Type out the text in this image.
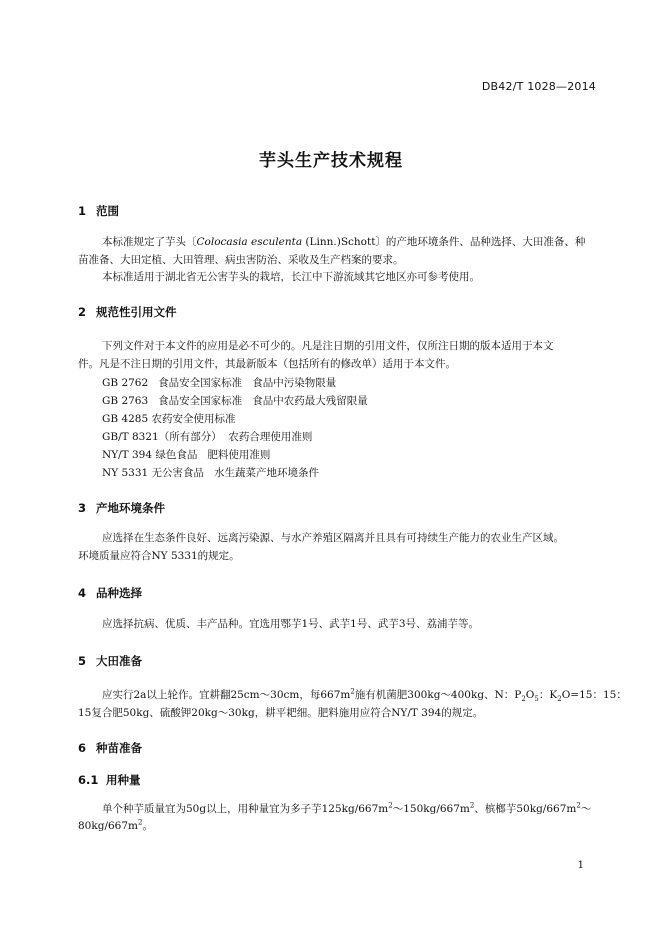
DB42/T 1028—2014
芋头生产技术规程
1 范围
本标准规定了芋头〔Colocasia esculenta (Linn.)Schott〕的产地环境条件、品种选择、大田准备、种
苗准备、大田定植、大田管理、病虫害防治、采收及生产档案的要求。
本标准适用于湖北省无公害芋头的栽培，长江中下游流域其它地区亦可参考使用。
2 规范性引用文件
下列文件对于本文件的应用是必不可少的。凡是注日期的引用文件，仅所注日期的版本适用于本文
件。凡是不注日期的引用文件，其最新版本（包括所有的修改单）适用于本文件。
GB 2762   食品安全国家标准   食品中污染物限量
GB 2763   食品安全国家标准   食品中农药最大残留限量
GB 4285 农药安全使用标准
GB/T 8321（所有部分）  农药合理使用准则
NY/T 394 绿色食品   肥料使用准则
NY 5331 无公害食品   水生蔬菜产地环境条件
3 产地环境条件
应选择在生态条件良好、远离污染源、与水产养殖区隔离并且具有可持续生产能力的农业生产区域。
环境质量应符合NY 5331的规定。
4 品种选择
应选择抗病、优质、丰产品种。宜选用鄂芋1号、武芋1号、武芋3号、荔浦芋等。
5 大田准备
应实行2a以上轮作。宜耕翻25cm～30cm，每$667m^2$施有机菌肥300kg～400kg、N：$P_2O_5$：$K_2O=15$：15：
15复合肥50kg、硫酸钾20kg～30kg，耕平耙细。肥料施用应符合NY/T 394的规定。
6 种苗准备
6.1 用种量
单个种芋质量宜为50g以上，用种量宜为多子芋$125kg/667m^2\sim 150kg/667m^2$、槟榔芋$50kg/667m^2\sim$
$80kg/667m^2$。
1
